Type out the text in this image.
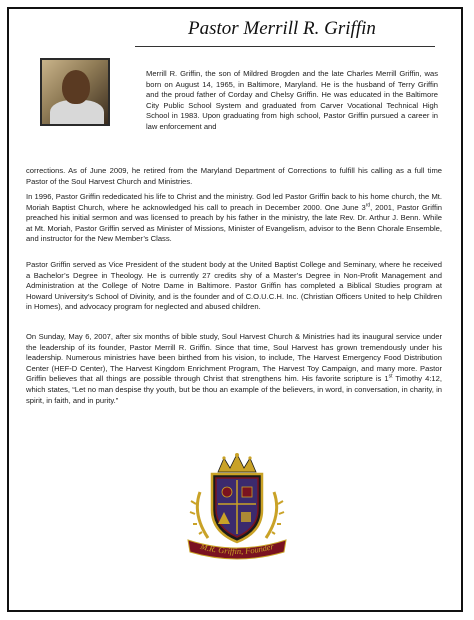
Pastor Merrill R. Griffin

Merrill R. Griffin, the son of Mildred Brogden and the late Charles Merrill Griffin, was born on August 14, 1965, in Baltimore, Maryland. He is the husband of Terry Griffin and the proud father of Corday and Chelsy Griffin. He was educated in the Baltimore City Public School System and graduated from Carver Vocational Technical High School in 1983. Upon graduating from high school, Pastor Griffin pursued a career in law enforcement and

corrections. As of June 2009, he retired from the Maryland Department of Corrections to fulfill his calling as a full time Pastor of the Soul Harvest Church and Ministries.

In 1996, Pastor Griffin rededicated his life to Christ and the ministry. God led Pastor Griffin back to his home church, the Mt. Moriah Baptist Church, where he acknowledged his call to preach in December 2000. One June 3rd, 2001, Pastor Griffin preached his initial sermon and was licensed to preach by his father in the ministry, the late Rev. Dr. Arthur J. Benn. While at Mt. Moriah, Pastor Griffin served as Minister of Missions, Minister of Evangelism, advisor to the Benn Chorale Ensemble, and instructor for the New Member’s Class.

Pastor Griffin served as Vice President of the student body at the United Baptist College and Seminary, where he received a Bachelor’s Degree in Theology. He is currently 27 credits shy of a Master’s Degree in Non-Profit Management and Administration at the College of Notre Dame in Baltimore. Pastor Griffin has completed a Biblical Studies program at Howard University’s School of Divinity, and is the founder and of C.O.U.C.H. Inc. (Christian Officers United to help Children in Homes), and advocacy program for neglected and abused children.

On Sunday, May 6, 2007, after six months of bible study, Soul Harvest Church & Ministries had its inaugural service under the leadership of its founder, Pastor Merrill R. Griffin. Since that time, Soul Harvest has grown tremendously under his leadership. Numerous ministries have been birthed from his vision, to include, The Harvest Emergency Food Distribution Center (HEF-D Center), The Harvest Kingdom Enrichment Program, The Harvest Toy Campaign, and many more. Pastor Griffin believes that all things are possible through Christ that strengthens him. His favorite scripture is 1st Timothy 4:12, which states, “Let no man despise thy youth, but be thou an example of the believers, in word, in conversation, in charity, in spirit, in faith, and in purity.”

M.R. Griffin, Founder
